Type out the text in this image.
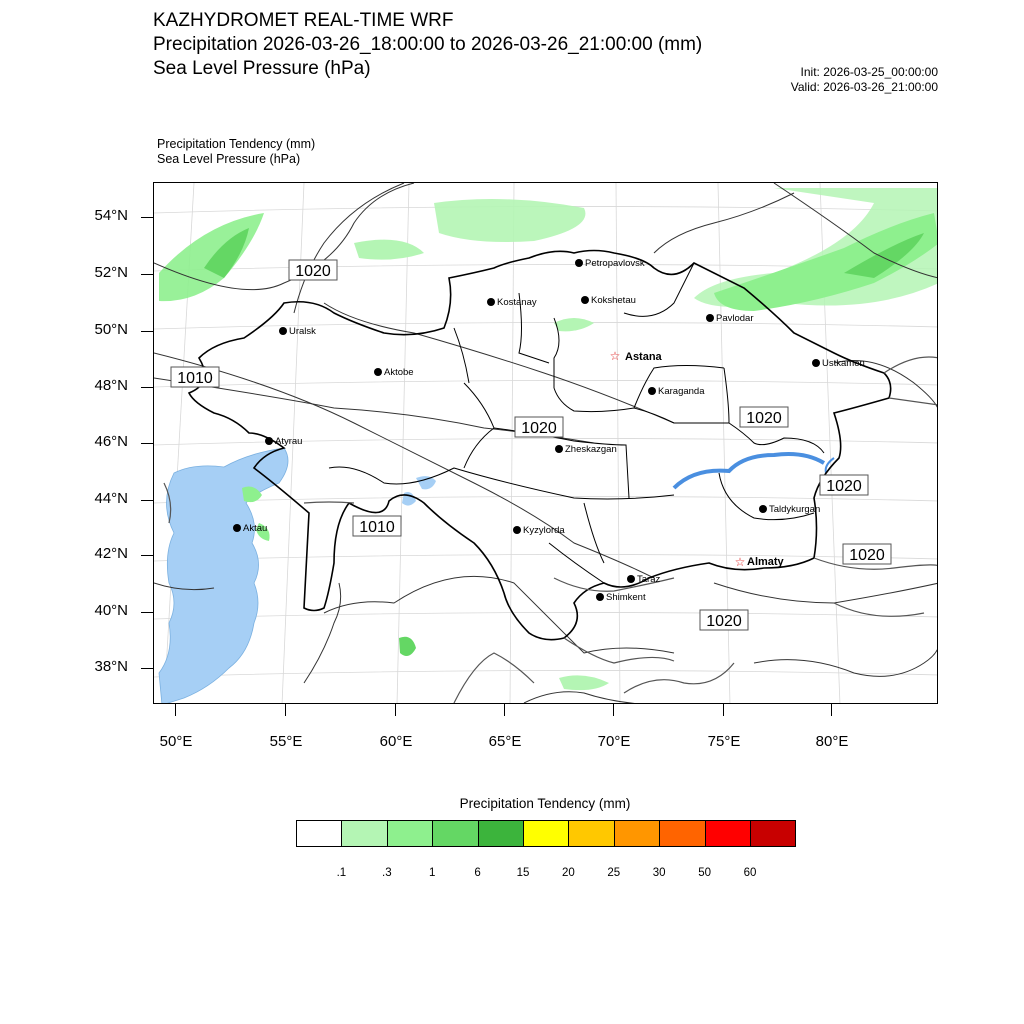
KAZHYDROMET REAL-TIME WRF
Precipitation 2026-03-26_18:00:00 to 2026-03-26_21:00:00 (mm)
Sea Level Pressure (hPa)	Init: 2026-03-25_00:00:00
Valid: 2026-03-26_21:00:00
Precipitation Tendency (mm)
Sea Level Pressure (hPa)
Petropavlovsk
Kostanay	Kokshetau
Pavlodar
Uralsk
☆ Astana
Aktobe
Ustkamen
Karaganda
Atyrau
Zheskazgan
Aktau	Kyzylorda
Taldykurgan
☆ Almaty
Taraz
Shimkent
1020
1010
1020
1010
1020
1020
1020
1020
54°N
52°N
50°N
48°N
46°N
44°N
42°N
40°N
38°N
50°E	55°E	60°E	65°E	70°E	75°E	80°E
Precipitation Tendency (mm)
.1	.3	1	6	15	20	25	30	50	60
